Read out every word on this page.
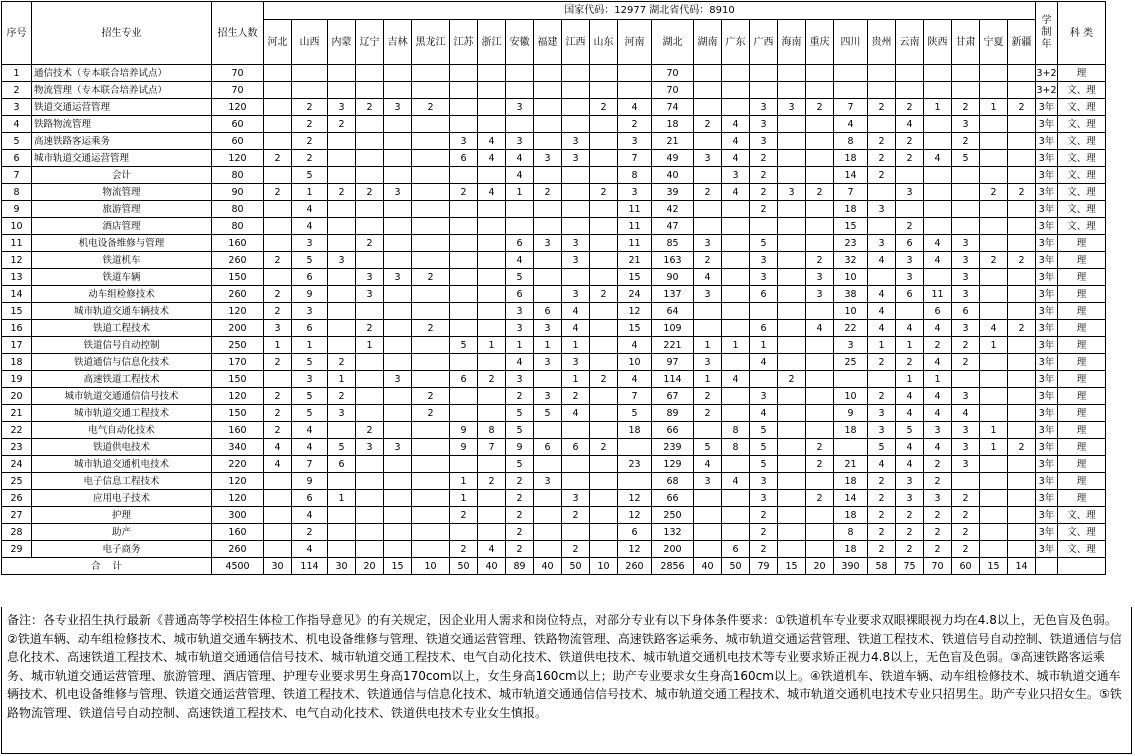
序号	招生专业	招生人数	国家代码：12977 湖北省代码：8910																										学制年	科 类
			河北	山西	内蒙	辽宁	吉林	黑龙江	江苏	浙江	安徽	福建	江西	山东	河南	湖北	湖南	广东	广西	海南	重庆	四川	贵州	云南	陕西	甘肃	宁夏	新疆		
1	通信技术（专本联合培养试点）	70														70													3+2	理
2	物流管理（专本联合培养试点）	70														70													3+2	文、理
3	铁道交通运营管理	120		2	3	2	3	2			3			2	4	74			3	3	2	7	2	2	1	2	1	2	3年	文、理
4	铁路物流管理	60		2	2										2	18	2	4	3			4		4		3			3年	文、理
5	高速铁路客运乘务	60		2					3	4	3		3		3	21		4	3			8	2	2		2			3年	文、理
6	城市轨道交通运营管理	120	2	2					6	4	4	3	3		7	49	3	4	2			18	2	2	4	5			3年	文、理
7	会计	80		5							4				8	40		3	2			14	2						3年	文、理
8	物流管理	90	2	1	2	2	3		2	4	1	2		2	3	39	2	4	2	3	2	7		3			2	2	3年	文、理
9	旅游管理	80		4											11	42			2			18	3						3年	文、理
10	酒店管理	80		4											11	47						15		2					3年	文、理
11	机电设备维修与管理	160		3		2					6	3	3		11	85	3		5			23	3	6	4	3			3年	理
12	铁道机车	260	2	5	3						4		3		21	163	2		3		2	32	4	3	4	3	2	2	3年	理
13	铁道车辆	150		6		3	3	2			5				15	90	4		3		3	10		3		3			3年	理
14	动车组检修技术	260	2	9		3					6		3	2	24	137	3		6		3	38	4	6	11	3			3年	理
15	城市轨道交通车辆技术	120	2	3							3	6	4		12	64						10	4		6	6			3年	理
16	铁道工程技术	200	3	6		2		2			3	3	4		15	109			6		4	22	4	4	4	3	4	2	3年	理
17	铁道信号自动控制	250	1	1		1			5	1	1	1	1		4	221	1	1	1			3	1	1	2	2	1		3年	理
18	铁道通信与信息化技术	170	2	5	2						4	3	3		10	97	3		4			25	2	2	4	2			3年	理
19	高速铁道工程技术	150		3	1		3		6	2	3		1	2	4	114	1	4		2				1	1				3年	理
20	城市轨道交通通信信号技术	120	2	5	2			2			2	3	2		7	67	2		3			10	2	4	4	3			3年	理
21	城市轨道交通工程技术	150	2	5	3			2			5	5	4		5	89	2		4			9	3	4	4	4			3年	理
22	电气自动化技术	160	2	4		2			9	8	5				18	66		8	5			18	3	5	3	3	1		3年	理
23	铁道供电技术	340	4	4	5	3	3		9	7	9	6	6	2		239	5	8	5		2		5	4	4	3	1	2	3年	理
24	城市轨道交通机电技术	220	4	7	6						5				23	129	4		5		2	21	4	4	2	3			3年	理
25	电子信息工程技术	120		9					1	2	2	3				68	3	4	3			18	2	3	2				3年	理
26	应用电子技术	120		6	1				1		2		3		12	66			3		2	14	2	3	3	2			3年	理
27	护理	300		4					2		2		2		12	250			2			18	2	2	2	2			3年	文、理
28	助产	160		2							2				6	132			2			8	2	2	2	2			3年	文、理
29	电子商务	260		4					2	4	2		2		12	200		6	2			18	2	2	2	2			3年	文、理
合    计		4500	30	114	30	20	15	10	50	40	89	40	50	10	260	2856	40	50	79	15	20	390	58	75	70	60	15	14		
备注：各专业招生执行最新《普通高等学校招生体检工作指导意见》的有关规定，因企业用人需求和岗位特点，对部分专业有以下身体条件要求：①铁道机车专业要求双眼裸眼视力均在4.8以上，无色盲及色弱。②铁道车辆、动车组检修技术、城市轨道交通车辆技术、机电设备维修与管理、铁道交通运营管理、铁路物流管理、高速铁路客运乘务、城市轨道交通运营管理、铁道工程技术、铁道信号自动控制、铁道通信与信息化技术、高速铁道工程技术、城市轨道交通通信信号技术、城市轨道交通工程技术、电气自动化技术、铁道供电技术、城市轨道交通机电技术等专业要求矫正视力4.8以上，无色盲及色弱。③高速铁路客运乘务、城市轨道交通运营管理、旅游管理、酒店管理、护理专业要求男生身高170com以上，女生身高160cm以上；助产专业要求女生身高160cm以上。④铁道机车、铁道车辆、动车组检修技术、城市轨道交通车辆技术、机电设备维修与管理、铁道交通运营管理、铁道工程技术、铁道通信与信息化技术、城市轨道交通通信信号技术、城市轨道交通工程技术、城市轨道交通机电技术专业只招男生。助产专业只招女生。⑤铁路物流管理、铁道信号自动控制、高速铁道工程技术、电气自动化技术、铁道供电技术专业女生慎报。
